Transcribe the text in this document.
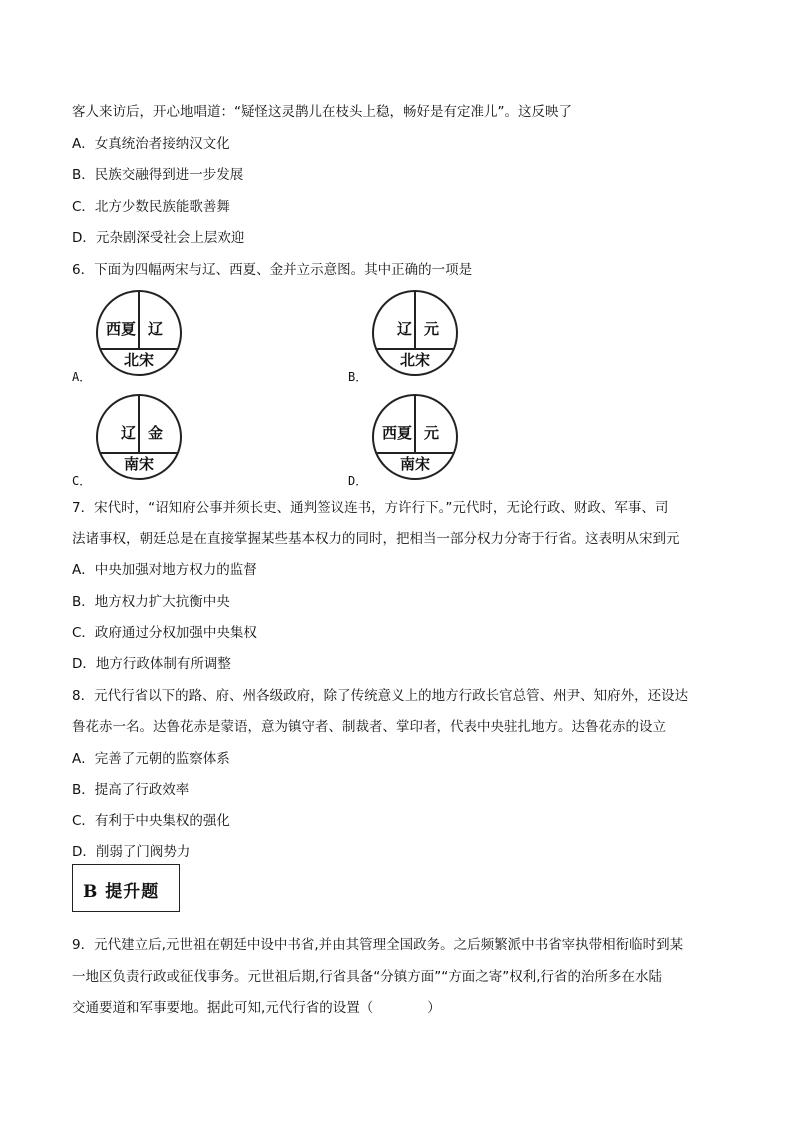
客人来访后，开心地唱道：“疑怪这灵鹊儿在枝头上稳，畅好是有定准儿”。这反映了
A．女真统治者接纳汉文化
B．民族交融得到进一步发展
C．北方少数民族能歌善舞
D．元杂剧深受社会上层欢迎
6．下面为四幅两宋与辽、西夏、金并立示意图。其中正确的一项是
西夏 辽
北宋
A．
辽 元
北宋
B．
辽 金
南宋
C．
西夏 元
南宋
D．
7．宋代时，“诏知府公事并须长吏、通判签议连书，方许行下。”元代时，无论行政、财政、军事、司
法诸事权，朝廷总是在直接掌握某些基本权力的同时，把相当一部分权力分寄于行省。这表明从宋到元
A．中央加强对地方权力的监督
B．地方权力扩大抗衡中央
C．政府通过分权加强中央集权
D．地方行政体制有所调整
8．元代行省以下的路、府、州各级政府，除了传统意义上的地方行政长官总管、州尹、知府外，还设达
鲁花赤一名。达鲁花赤是蒙语，意为镇守者、制裁者、掌印者，代表中央驻扎地方。达鲁花赤的设立
A．完善了元朝的监察体系
B．提高了行政效率
C．有利于中央集权的强化
D．削弱了门阀势力
B 提升题
9．元代建立后,元世祖在朝廷中设中书省,并由其管理全国政务。之后频繁派中书省宰执带相衔临时到某
一地区负责行政或征伐事务。元世祖后期,行省具备“分镇方面”“方面之寄”权利,行省的治所多在水陆
交通要道和军事要地。据此可知,元代行省的设置（　　　　）
